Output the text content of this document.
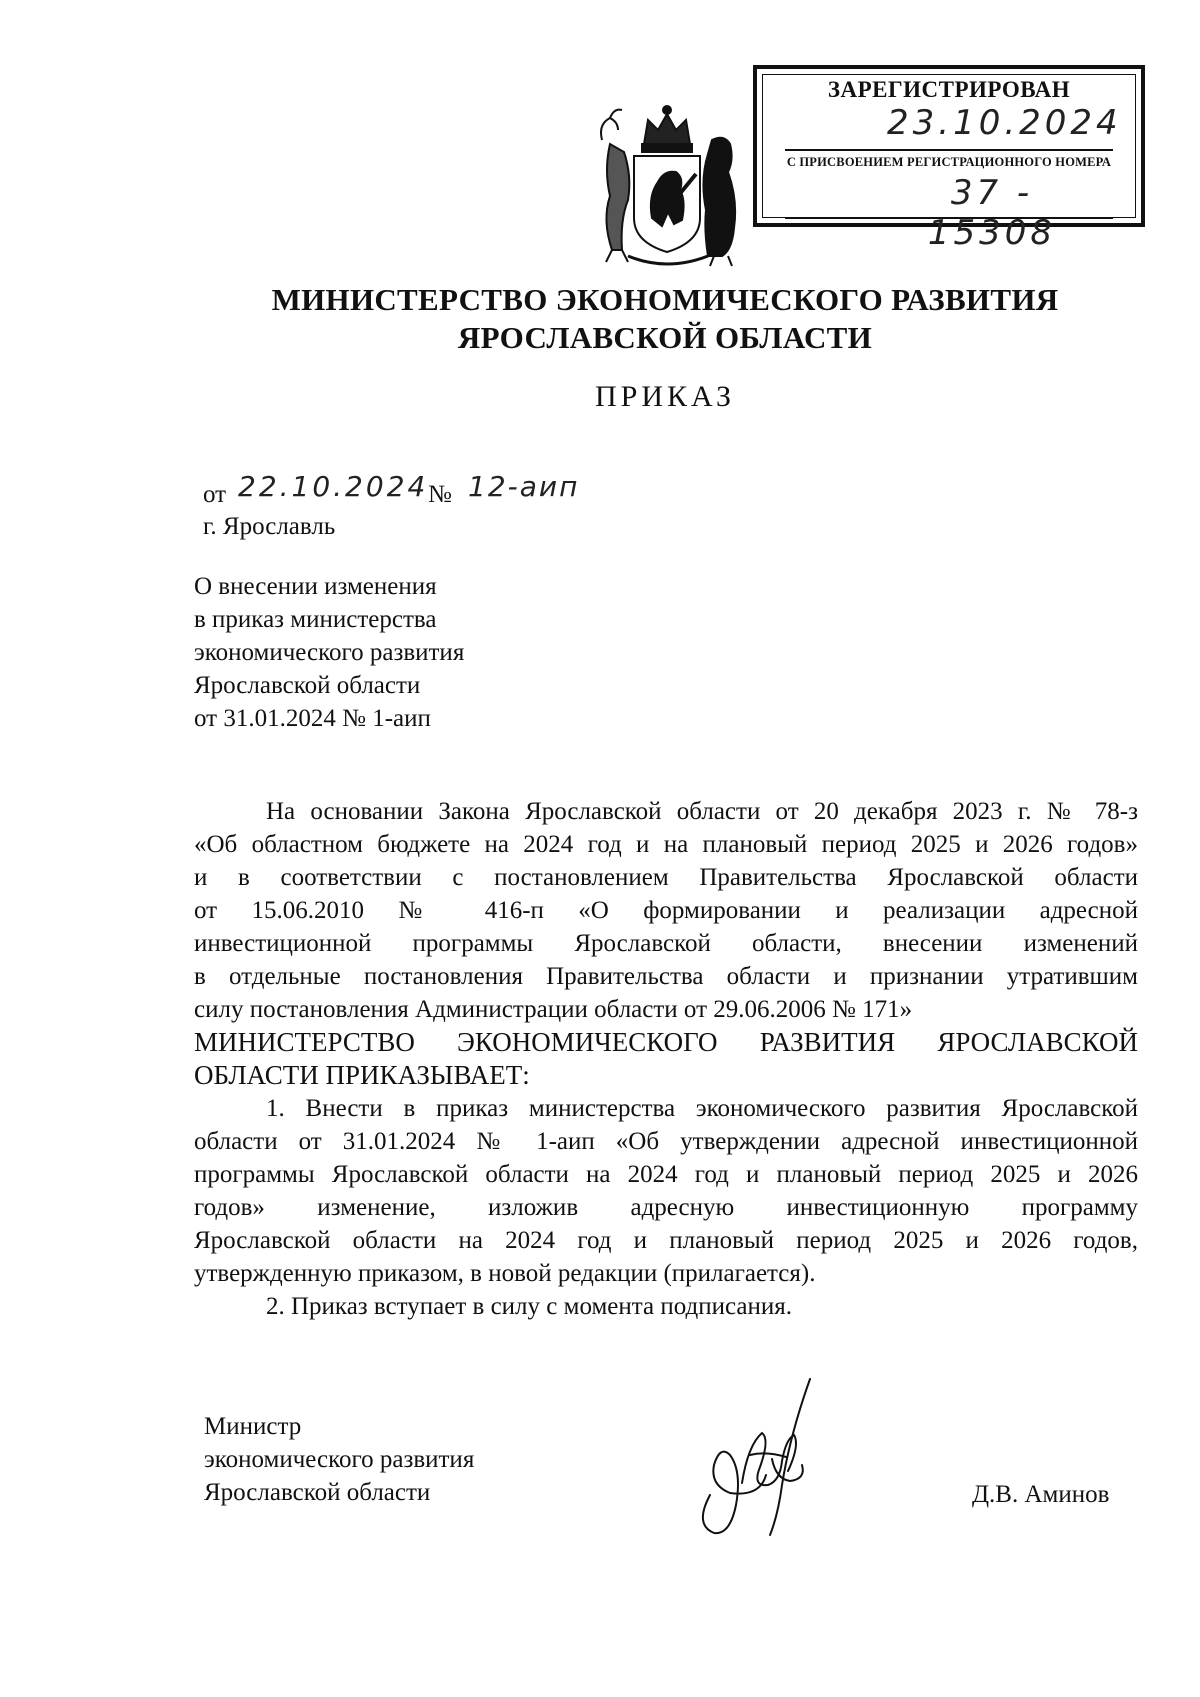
ЗАРЕГИСТРИРОВАН
23.10.2024
С ПРИСВОЕНИЕМ РЕГИСТРАЦИОННОГО НОМЕРА
37 - 15308
МИНИСТЕРСТВО ЭКОНОМИЧЕСКОГО РАЗВИТИЯ
ЯРОСЛАВСКОЙ ОБЛАСТИ
ПРИКАЗ
от 22.10.2024 № 12-аип
г. Ярославль
О внесении изменения
в приказ министерства
экономического развития
Ярославской области
от 31.01.2024 № 1-аип
На основании Закона Ярославской области от 20 декабря 2023 г. № 78-з
«Об областном бюджете на 2024 год и на плановый период 2025 и 2026 годов»
и в соответствии с постановлением Правительства Ярославской области
от 15.06.2010 № 416-п «О формировании и реализации адресной
инвестиционной программы Ярославской области, внесении изменений
в отдельные постановления Правительства области и признании утратившим
силу постановления Администрации области от 29.06.2006 № 171»
МИНИСТЕРСТВО ЭКОНОМИЧЕСКОГО РАЗВИТИЯ ЯРОСЛАВСКОЙ
ОБЛАСТИ ПРИКАЗЫВАЕТ:
1. Внести в приказ министерства экономического развития Ярославской
области от 31.01.2024 № 1-аип «Об утверждении адресной инвестиционной
программы Ярославской области на 2024 год и плановый период 2025 и 2026
годов» изменение, изложив адресную инвестиционную программу
Ярославской области на 2024 год и плановый период 2025 и 2026 годов,
утвержденную приказом, в новой редакции (прилагается).
2. Приказ вступает в силу с момента подписания.
Министр
экономического развития
Ярославской области	Д.В. Аминов
